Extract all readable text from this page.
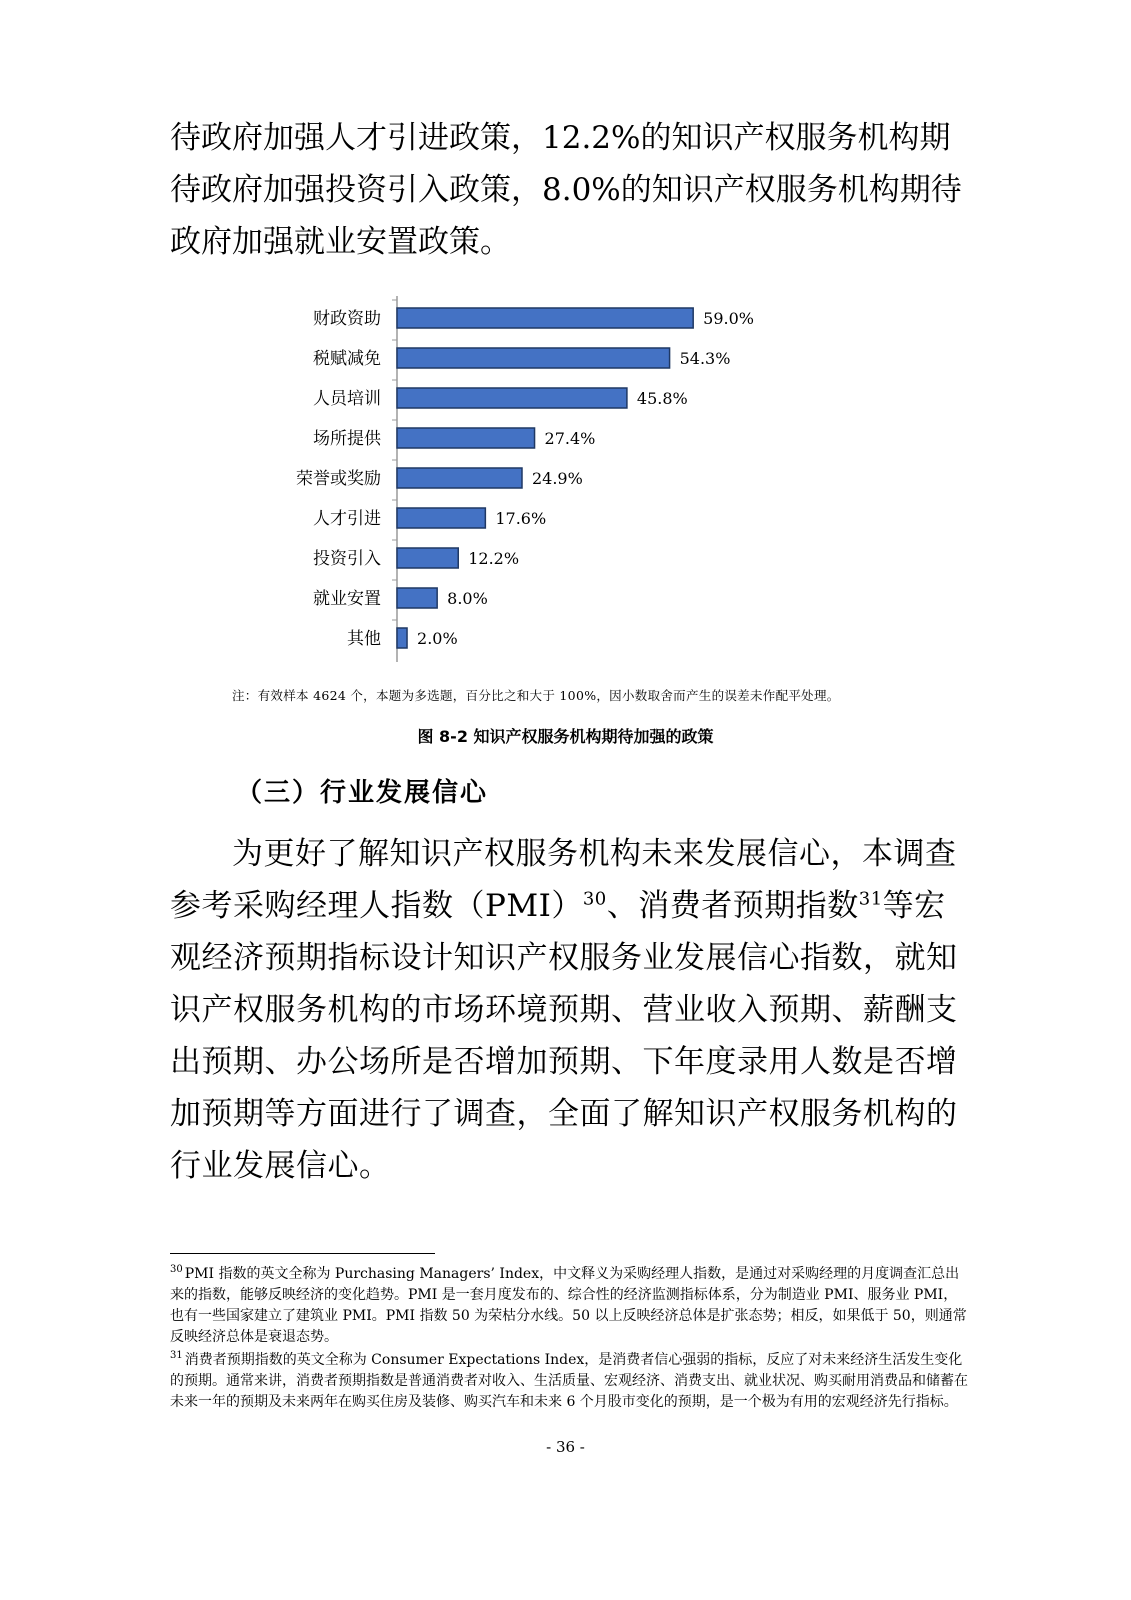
待政府加强人才引进政策，12.2%的知识产权服务机构期待政府加强投资引入政策，8.0%的知识产权服务机构期待政府加强就业安置政策。

财政资助	59.0%
税赋减免	54.3%
人员培训	45.8%
场所提供	27.4%
荣誉或奖励	24.9%
人才引进	17.6%
投资引入	12.2%
就业安置	8.0%
其他 2.0%
注：有效样本 4624 个，本题为多选题，百分比之和大于 100%，因小数取舍而产生的误差未作配平处理。
图 8-2 知识产权服务机构期待加强的政策
（三）行业发展信心

为更好了解知识产权服务机构未来发展信心，本调查参考采购经理人指数（PMI）$^{30}$、消费者预期指数$^{31}$等宏观经济预期指标设计知识产权服务业发展信心指数，就知识产权服务机构的市场环境预期、营业收入预期、薪酬支出预期、办公场所是否增加预期、下年度录用人数是否增加预期等方面进行了调查，全面了解知识产权服务机构的行业发展信心。

$^{30}$ PMI 指数的英文全称为 Purchasing Managers’ Index，中文释义为采购经理人指数，是通过对采购经理的月度调查汇总出来的指数，能够反映经济的变化趋势。PMI 是一套月度发布的、综合性的经济监测指标体系，分为制造业 PMI、服务业 PMI，也有一些国家建立了建筑业 PMI。PMI 指数 50 为荣枯分水线。50 以上反映经济总体是扩张态势；相反，如果低于 50，则通常反映经济总体是衰退态势。

$^{31}$ 消费者预期指数的英文全称为 Consumer Expectations Index，是消费者信心强弱的指标，反应了对未来经济生活发生变化的预期。通常来讲，消费者预期指数是普通消费者对收入、生活质量、宏观经济、消费支出、就业状况、购买耐用消费品和储蓄在未来一年的预期及未来两年在购买住房及装修、购买汽车和未来 6 个月股市变化的预期，是一个极为有用的宏观经济先行指标。

- 36 -
